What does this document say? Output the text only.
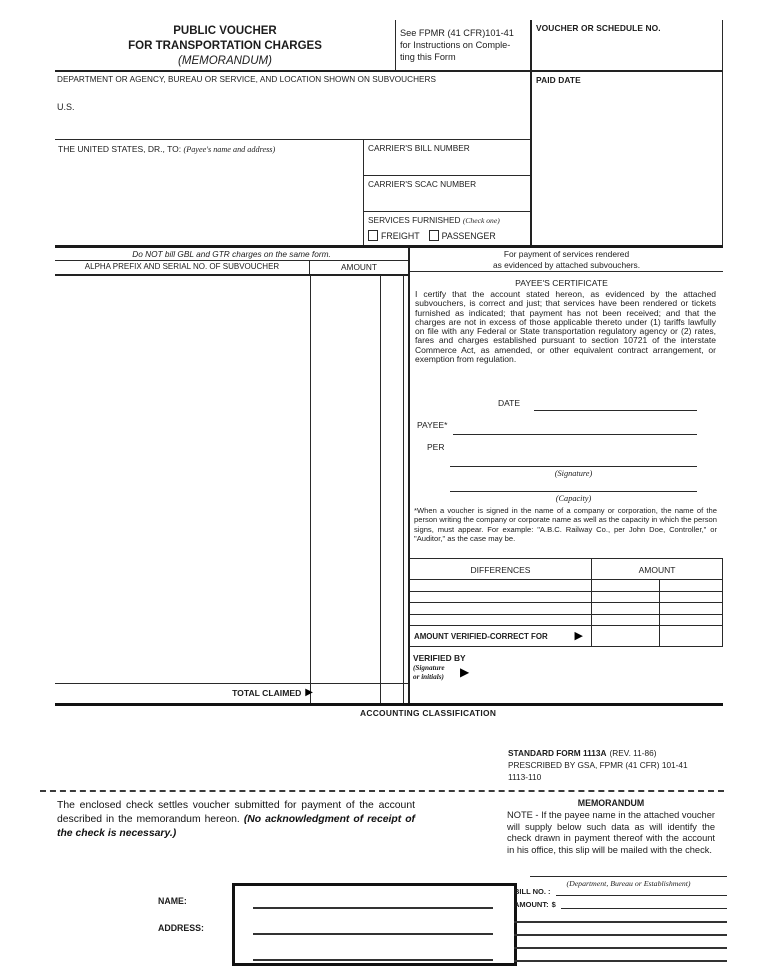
PUBLIC VOUCHER
FOR TRANSPORTATION CHARGES
(MEMORANDUM)
See FPMR (41 CFR)101-41
for Instructions on Comple-
ting this Form
VOUCHER OR SCHEDULE NO.
DEPARTMENT OR AGENCY, BUREAU OR SERVICE, AND LOCATION SHOWN ON SUBVOUCHERS
U.S.
PAID DATE
THE UNITED STATES, DR., TO: (Payee's name and address)	CARRIER'S BILL NUMBER
CARRIER'S SCAC NUMBER
SERVICES FURNISHED (Check one)
FREIGHT	PASSENGER
Do NOT bill GBL and GTR charges on the same form.
ALPHA PREFIX AND SERIAL NO. OF SUBVOUCHER	AMOUNT
TOTAL CLAIMED ▶
For payment of services rendered
as evidenced by attached subvouchers.
PAYEE'S CERTIFICATE
I certify that the account stated hereon, as evidenced by the attached subvouchers, is correct and just; that services have been rendered or tickets furnished as indicated; that payment has not been received; and that the charges are not in excess of those applicable thereto under (1) tariffs lawfully on file with any Federal or State transportation regulatory agency or (2) rates, fares and charges established pursuant to section 10721 of the interstate Commerce Act, as amended, or other equivalent contract arrangement, or exemption from regulation.
DATE
PAYEE*
PER
(Signature)
(Capacity)
*When a voucher is signed in the name of a company or corporation, the name of the person writing the company or corporate name as well as the capacity in which the person signs, must appear. For example: "A.B.C. Railway Co., per John Doe, Controller," or "Auditor," as the case may be.
DIFFERENCES	AMOUNT
AMOUNT VERIFIED-CORRECT FOR ▶
VERIFIED BY
(Signature
or initials) ▶
ACCOUNTING CLASSIFICATION
STANDARD FORM 1113A (REV. 11-86)
PRESCRIBED BY GSA, FPMR (41 CFR) 101-41
1113-110
The enclosed check settles voucher submitted for payment of the account described in the memorandum hereon. (No acknowledgment of receipt of the check is necessary.)
MEMORANDUM
NOTE - If the payee name in the attached voucher will supply below such data as will identify the check drawn in payment thereof with the account in his office, this slip will be mailed with the check.
NAME:
ADDRESS:
(Department, Bureau or Establishment)
BILL NO. :
AMOUNT: $
